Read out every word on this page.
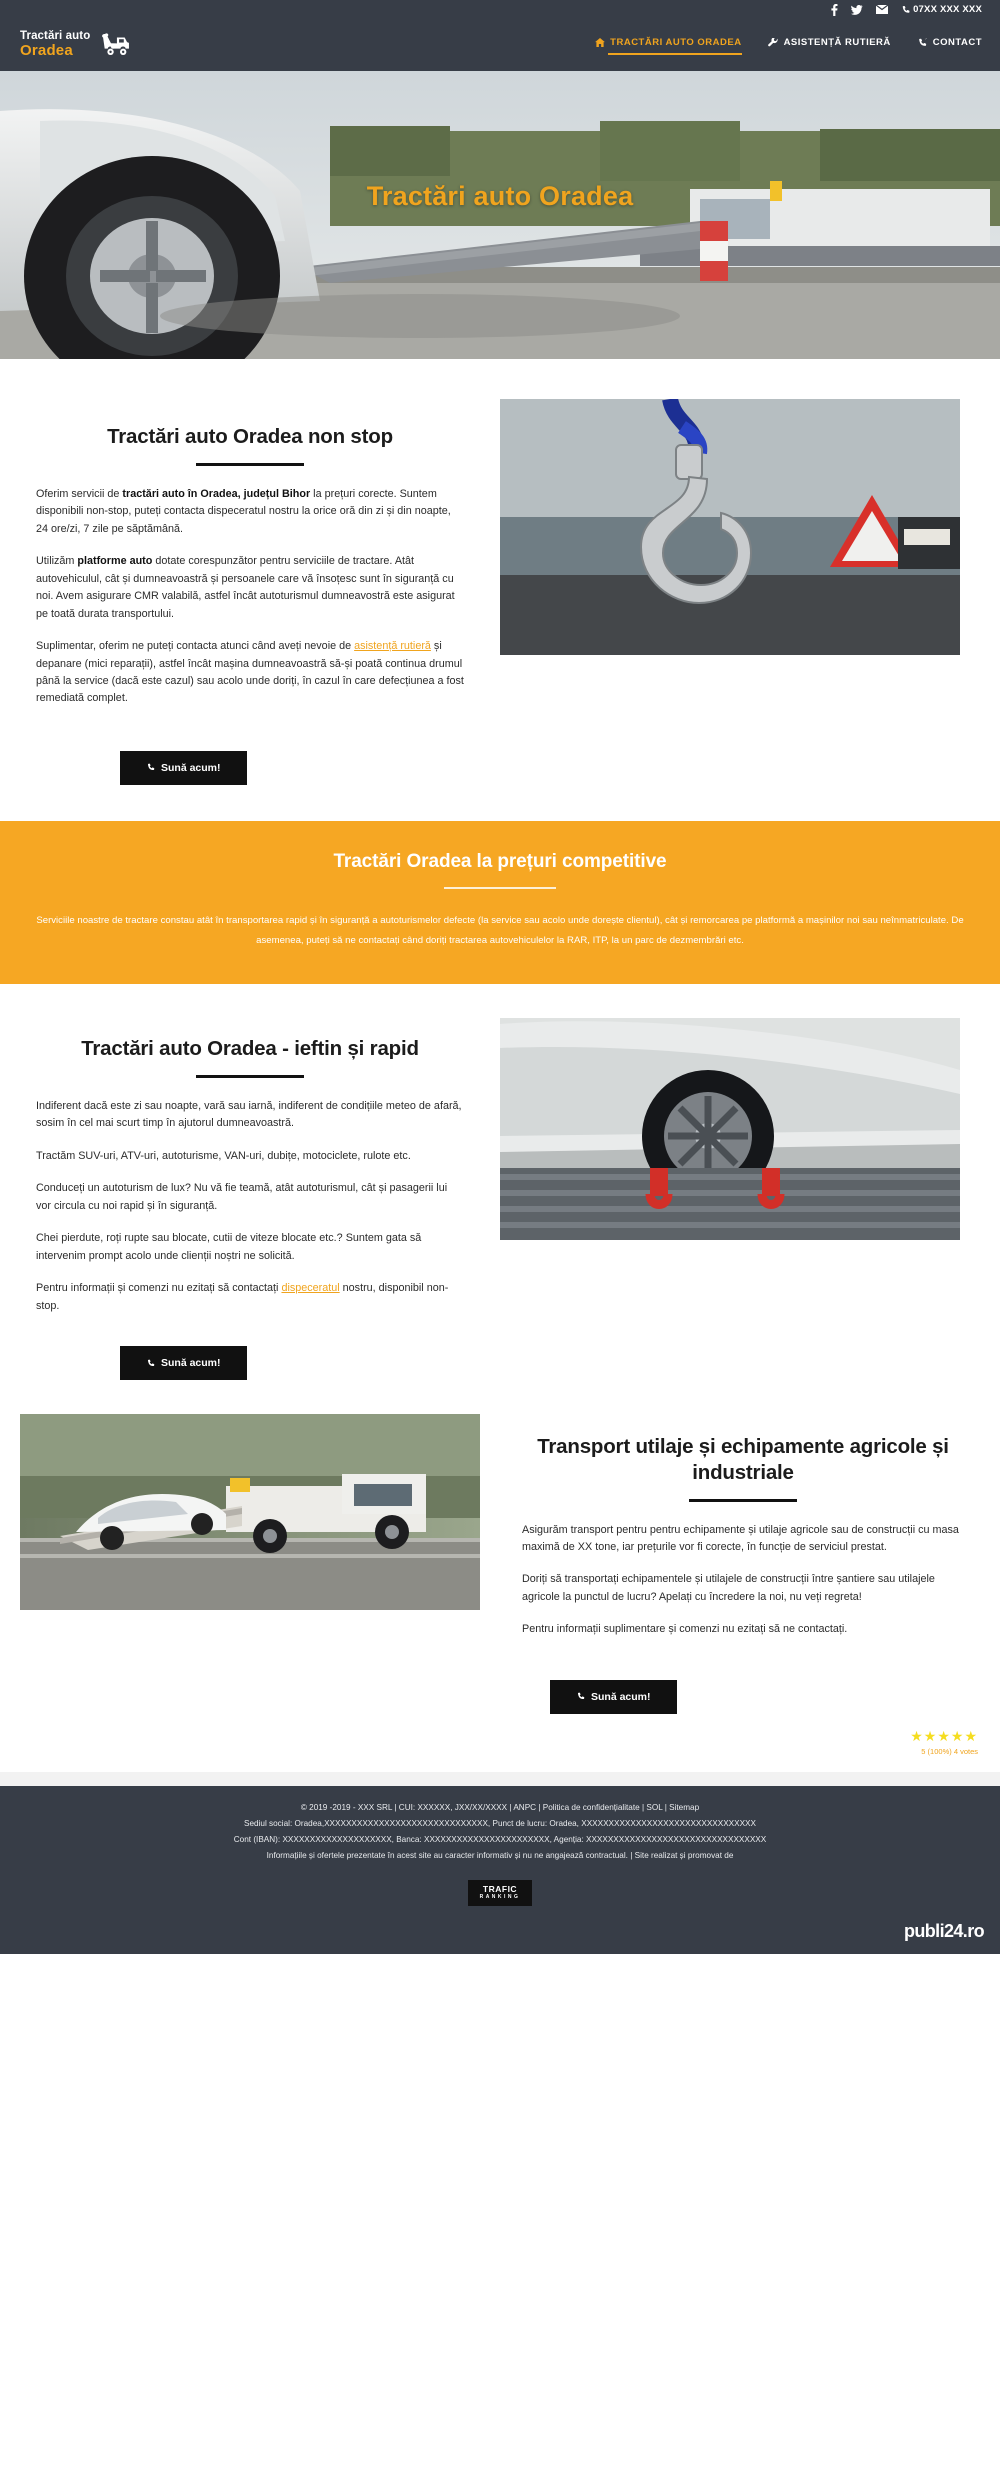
07XX XXX XXX
Tractări auto
Oradea	TRACTĂRI AUTO ORADEA	ASISTENȚĂ RUTIERĂ	CONTACT
Tractări auto Oradea
Tractări auto Oradea non stop

Oferim servicii de tractări auto în Oradea, județul Bihor la prețuri corecte. Suntem disponibili non-stop, puteți contacta dispeceratul nostru la orice oră din zi și din noapte, 24 ore/zi, 7 zile pe săptămână.

Utilizăm platforme auto dotate corespunzător pentru serviciile de tractare. Atât autovehiculul, cât și dumneavoastră și persoanele care vă însoțesc sunt în siguranță cu noi. Avem asigurare CMR valabilă, astfel încât autoturismul dumneavostră este asigurat pe toată durata transportului.

Suplimentar, oferim ne puteți contacta atunci când aveți nevoie de asistență rutieră și depanare (mici reparații), astfel încât mașina dumneavoastră să-și poată continua drumul până la service (dacă este cazul) sau acolo unde doriți, în cazul în care defecțiunea a fost remediată complet.

Sună acum!
Tractări Oradea la prețuri competitive

Serviciile noastre de tractare constau atât în transportarea rapid și în siguranță a autoturismelor defecte (la service sau acolo unde dorește clientul), cât și remorcarea pe platformă a mașinilor noi sau neînmatriculate. De asemenea, puteți să ne contactați când doriți tractarea autovehiculelor la RAR, ITP, la un parc de dezmembrări etc.

Tractări auto Oradea - ieftin și rapid

Indiferent dacă este zi sau noapte, vară sau iarnă, indiferent de condițiile meteo de afară, sosim în cel mai scurt timp în ajutorul dumneavoastră.

Tractăm SUV-uri, ATV-uri, autoturisme, VAN-uri, dubițe, motociclete, rulote etc.

Conduceți un autoturism de lux? Nu vă fie teamă, atât autoturismul, cât și pasagerii lui vor circula cu noi rapid și în siguranță.

Chei pierdute, roți rupte sau blocate, cutii de viteze blocate etc.? Suntem gata să intervenim prompt acolo unde clienții noștri ne solicită.

Pentru informații și comenzi nu ezitați să contactați dispeceratul nostru, disponibil non-stop.

Sună acum!
Transport utilaje și echipamente agricole și industriale

Asigurăm transport pentru pentru echipamente și utilaje agricole sau de construcții cu masa maximă de XX tone, iar prețurile vor fi corecte, în funcție de serviciul prestat.

Doriți să transportați echipamentele și utilajele de construcții între șantiere sau utilajele agricole la punctul de lucru? Apelați cu încredere la noi, nu veți regreta!

Pentru informații suplimentare și comenzi nu ezitați să ne contactați.

Sună acum!
★★★★★
5 (100%) 4 votes
© 2019 -2019 - XXX SRL | CUI: XXXXXX, JXX/XX/XXXX | ANPC | Politica de confidențialitate | SOL | Sitemap
Sediul social: Oradea,XXXXXXXXXXXXXXXXXXXXXXXXXXXXXX, Punct de lucru: Oradea, XXXXXXXXXXXXXXXXXXXXXXXXXXXXXXXX
Cont (IBAN): XXXXXXXXXXXXXXXXXXXX, Banca: XXXXXXXXXXXXXXXXXXXXXXX, Agenția: XXXXXXXXXXXXXXXXXXXXXXXXXXXXXXXXX
Informațiile și ofertele prezentate în acest site au caracter informativ și nu ne angajează contractual. | Site realizat și promovat de
TRAFIC
RANKING
publi24.ro
